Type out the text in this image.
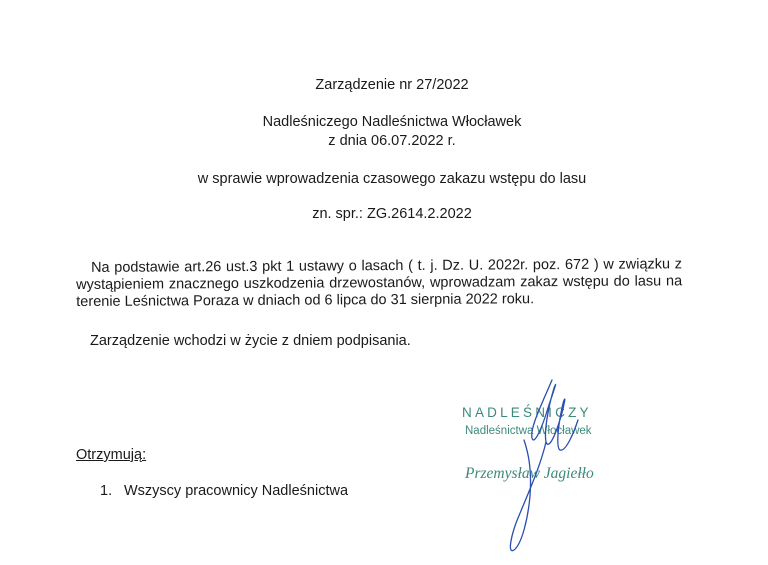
Zarządzenie nr 27/2022
Nadleśniczego Nadleśnictwa Włocławek
z dnia 06.07.2022 r.
w sprawie wprowadzenia czasowego zakazu wstępu do lasu
zn. spr.: ZG.2614.2.2022
Na podstawie art.26 ust.3 pkt 1 ustawy o lasach ( t. j. Dz. U. 2022r. poz. 672 ) w związku z wystąpieniem znacznego uszkodzenia drzewostanów, wprowadzam zakaz wstępu do lasu na terenie Leśnictwa Poraza w dniach od 6 lipca do 31 sierpnia 2022 roku.
Zarządzenie wchodzi w życie z dniem podpisania.
Otrzymują:
1. Wszyscy pracownicy Nadleśnictwa
NADLEŚNICZY
Nadleśnictwa Włocławek
Przemysław Jagiełło
